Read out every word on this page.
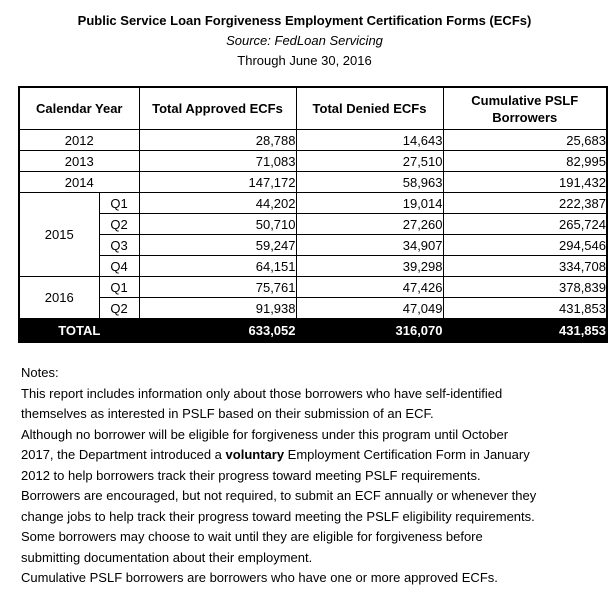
Public Service Loan Forgiveness Employment Certification Forms (ECFs)
Source: FedLoan Servicing
Through June 30, 2016
Calendar Year		Total Approved ECFs	Total Denied ECFs	Cumulative PSLF Borrowers
2012		28,788	14,643	25,683
2013		71,083	27,510	82,995
2014		147,172	58,963	191,432
2015	Q1	44,202	19,014	222,387
	Q2	50,710	27,260	265,724
	Q3	59,247	34,907	294,546
	Q4	64,151	39,298	334,708
2016	Q1	75,761	47,426	378,839
	Q2	91,938	47,049	431,853
TOTAL		633,052	316,070	431,853
Notes:
This report includes information only about those borrowers who have self-identified
themselves as interested in PSLF based on their submission of an ECF.
Although no borrower will be eligible for forgiveness under this program until October
2017, the Department introduced a voluntary Employment Certification Form in January
2012 to help borrowers track their progress toward meeting PSLF requirements.
Borrowers are encouraged, but not required, to submit an ECF annually or whenever they
change jobs to help track their progress toward meeting the PSLF eligibility requirements.
Some borrowers may choose to wait until they are eligible for forgiveness before
submitting documentation about their employment.
Cumulative PSLF borrowers are borrowers who have one or more approved ECFs.
